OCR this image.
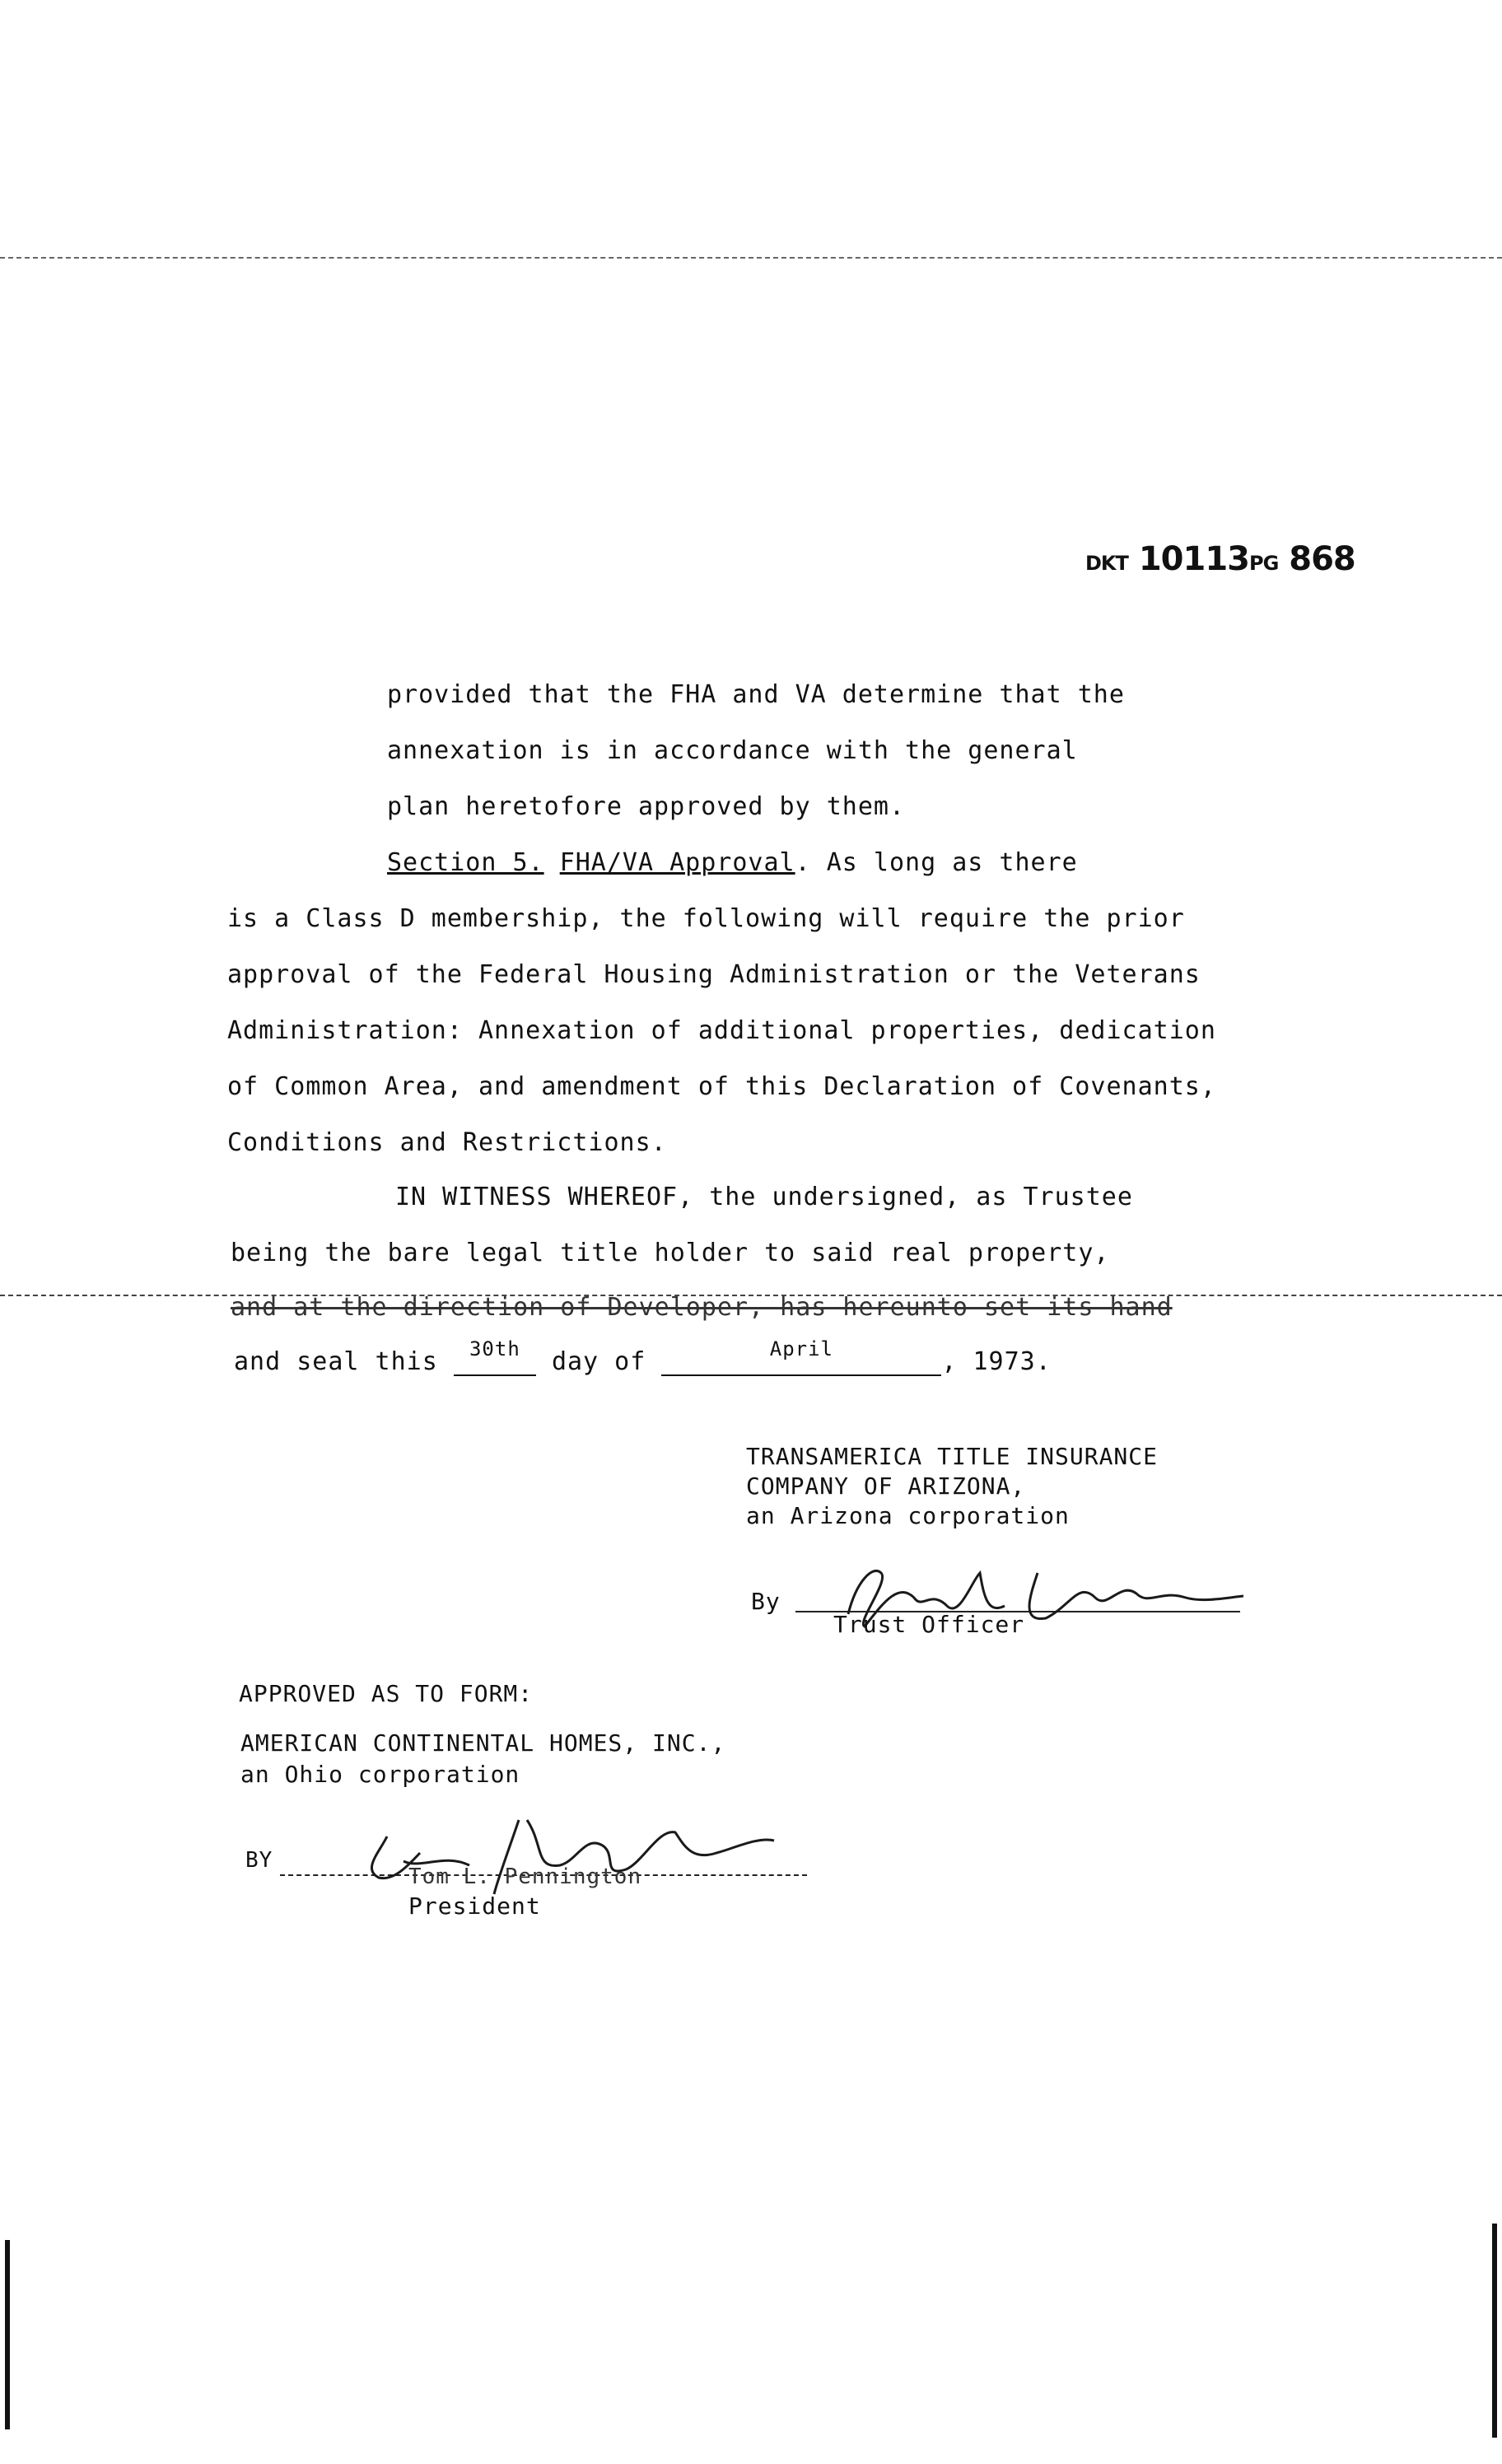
DKT 10113PG 868
provided that the FHA and VA determine that the
annexation is in accordance with the general
plan heretofore approved by them.
Section 5. FHA/VA Approval. As long as there
is a Class D membership, the following will require the prior
approval of the Federal Housing Administration or the Veterans
Administration: Annexation of additional properties, dedication
of Common Area, and amendment of this Declaration of Covenants,
Conditions and Restrictions.
IN WITNESS WHEREOF, the undersigned, as Trustee
being the bare legal title holder to said real property,
and at the direction of Developer, has hereunto set its hand
and seal this $^{30th}$ day of	$^{April}$	, 1973.
TRANSAMERICA TITLE INSURANCE
COMPANY OF ARIZONA,
an Arizona corporation
By
Trust Officer
APPROVED AS TO FORM:
AMERICAN CONTINENTAL HOMES, INC.,
an Ohio corporation
BY
Tom L. Pennington
President
